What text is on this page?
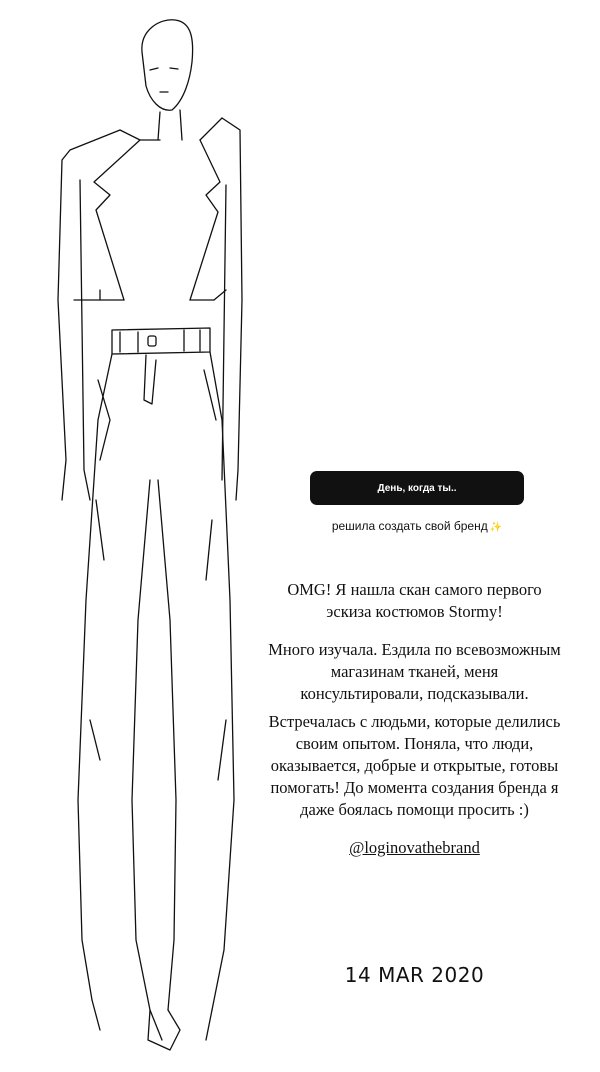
День, когда ты..
решила создать свой бренд ✨
OMG! Я нашла скан самого первого
эскиза костюмов Stormy!
Много изучала. Ездила по всевозможным
магазинам тканей, меня
консультировали, подсказывали.
Встречалась с людьми, которые делились
своим опытом. Поняла, что люди,
оказывается, добрые и открытые, готовы
помогать! До момента создания бренда я
даже боялась помощи просить :)
@loginovathebrand
14 MAR 2020
